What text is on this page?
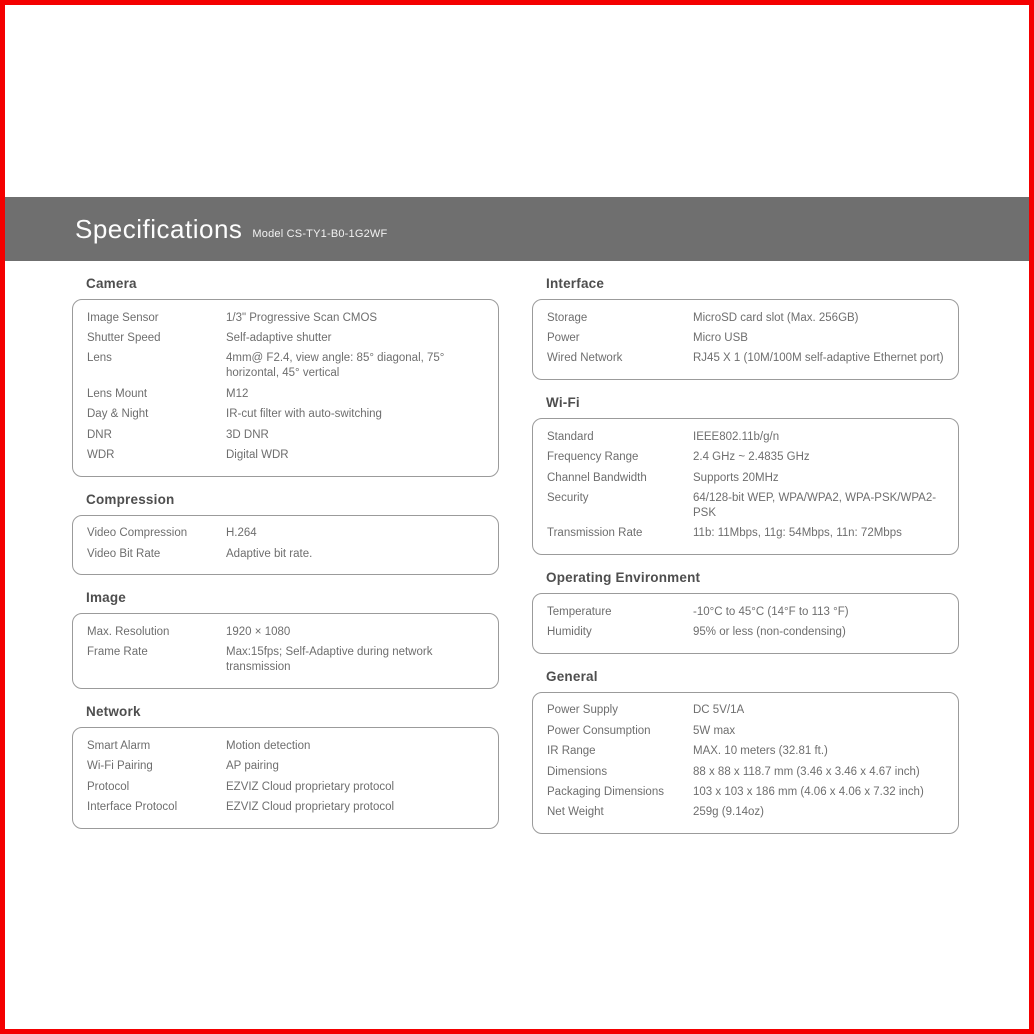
Specifications Model CS-TY1-B0-1G2WF
Camera
Image Sensor	1/3" Progressive Scan CMOS
Shutter Speed	Self-adaptive shutter
Lens	4mm@ F2.4, view angle: 85° diagonal, 75° horizontal, 45° vertical
Lens Mount	M12
Day & Night	IR-cut filter with auto-switching
DNR	3D DNR
WDR	Digital WDR
Compression
Video Compression	H.264
Video Bit Rate	Adaptive bit rate.
Image
Max. Resolution	1920 × 1080
Frame Rate	Max:15fps; Self-Adaptive during network transmission
Network
Smart Alarm	Motion detection
Wi-Fi Pairing	AP pairing
Protocol	EZVIZ Cloud proprietary protocol
Interface Protocol	EZVIZ Cloud proprietary protocol
Interface
Storage	MicroSD card slot (Max. 256GB)
Power	Micro USB
Wired Network	RJ45 X 1 (10M/100M self-adaptive Ethernet port)
Wi-Fi
Standard	IEEE802.11b/g/n
Frequency Range	2.4 GHz ~ 2.4835 GHz
Channel Bandwidth	Supports 20MHz
Security	64/128-bit WEP, WPA/WPA2, WPA-PSK/WPA2-PSK
Transmission Rate	11b: 11Mbps, 11g: 54Mbps, 11n: 72Mbps
Operating Environment
Temperature	-10°C to 45°C (14°F to 113 °F)
Humidity	95% or less (non-condensing)
General
Power Supply	DC 5V/1A
Power Consumption	5W max
IR Range	MAX. 10 meters (32.81 ft.)
Dimensions	88 x 88 x 118.7 mm (3.46 x 3.46 x 4.67 inch)
Packaging Dimensions	103 x 103 x 186 mm (4.06 x 4.06 x 7.32 inch)
Net Weight	259g (9.14oz)
